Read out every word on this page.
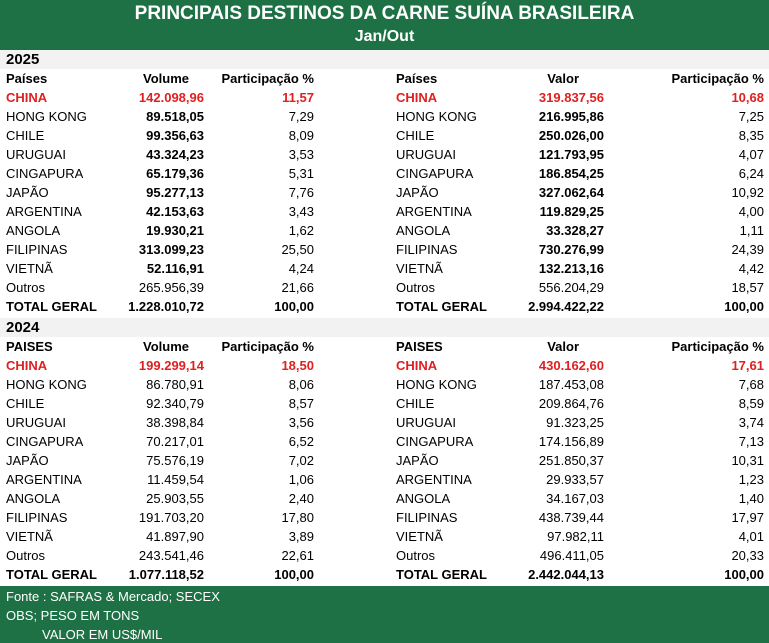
PRINCIPAIS DESTINOS DA CARNE SUÍNA BRASILEIRA
Jan/Out
2025
Países	Volume	Participação %	Países	Valor	Participação %
CHINA	142.098,96	11,57	CHINA	319.837,56	10,68
HONG KONG	89.518,05	7,29	HONG KONG	216.995,86	7,25
CHILE	99.356,63	8,09	CHILE	250.026,00	8,35
URUGUAI	43.324,23	3,53	URUGUAI	121.793,95	4,07
CINGAPURA	65.179,36	5,31	CINGAPURA	186.854,25	6,24
JAPÃO	95.277,13	7,76	JAPÃO	327.062,64	10,92
ARGENTINA	42.153,63	3,43	ARGENTINA	119.829,25	4,00
ANGOLA	19.930,21	1,62	ANGOLA	33.328,27	1,11
FILIPINAS	313.099,23	25,50	FILIPINAS	730.276,99	24,39
VIETNÃ	52.116,91	4,24	VIETNÃ	132.213,16	4,42
Outros	265.956,39	21,66	Outros	556.204,29	18,57
TOTAL GERAL 1.228.010,72	100,00	TOTAL GERAL	2.994.422,22	100,00
2024
PAISES	Volume	Participação %	PAISES	Valor	Participação %
CHINA	199.299,14	18,50	CHINA	430.162,60	17,61
HONG KONG	86.780,91	8,06	HONG KONG	187.453,08	7,68
CHILE	92.340,79	8,57	CHILE	209.864,76	8,59
URUGUAI	38.398,84	3,56	URUGUAI	91.323,25	3,74
CINGAPURA	70.217,01	6,52	CINGAPURA	174.156,89	7,13
JAPÃO	75.576,19	7,02	JAPÃO	251.850,37	10,31
ARGENTINA	11.459,54	1,06	ARGENTINA	29.933,57	1,23
ANGOLA	25.903,55	2,40	ANGOLA	34.167,03	1,40
FILIPINAS	191.703,20	17,80	FILIPINAS	438.739,44	17,97
VIETNÃ	41.897,90	3,89	VIETNÃ	97.982,11	4,01
Outros	243.541,46	22,61	Outros	496.411,05	20,33
TOTAL GERAL 1.077.118,52	100,00	TOTAL GERAL	2.442.044,13	100,00
Fonte : SAFRAS & Mercado; SECEX
OBS; PESO EM TONS
VALOR EM US$/MIL
